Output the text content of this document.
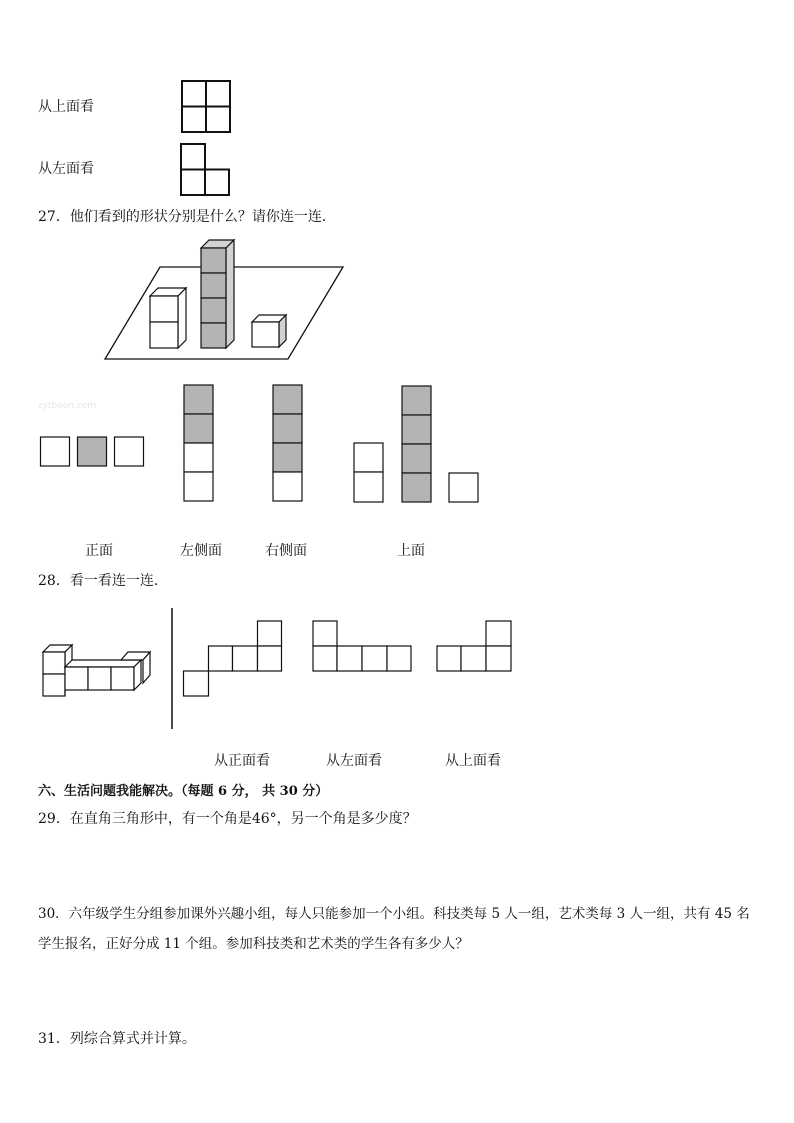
从上面看
从左面看
27．他们看到的形状分别是什么？请你连一连．
zytbeon.com
正面	左侧面	右侧面	上面
28．看一看连一连．
从正面看	从左面看	从上面看
六、生活问题我能解决。（每题 6 分， 共 30 分）
29．在直角三角形中，有一个角是46°，另一个角是多少度？
30．六年级学生分组参加课外兴趣小组，每人只能参加一个小组。科技类每 5 人一组，艺术类每 3 人一组，共有 45 名
学生报名，正好分成 11 个组。参加科技类和艺术类的学生各有多少人？
31．列综合算式并计算。
